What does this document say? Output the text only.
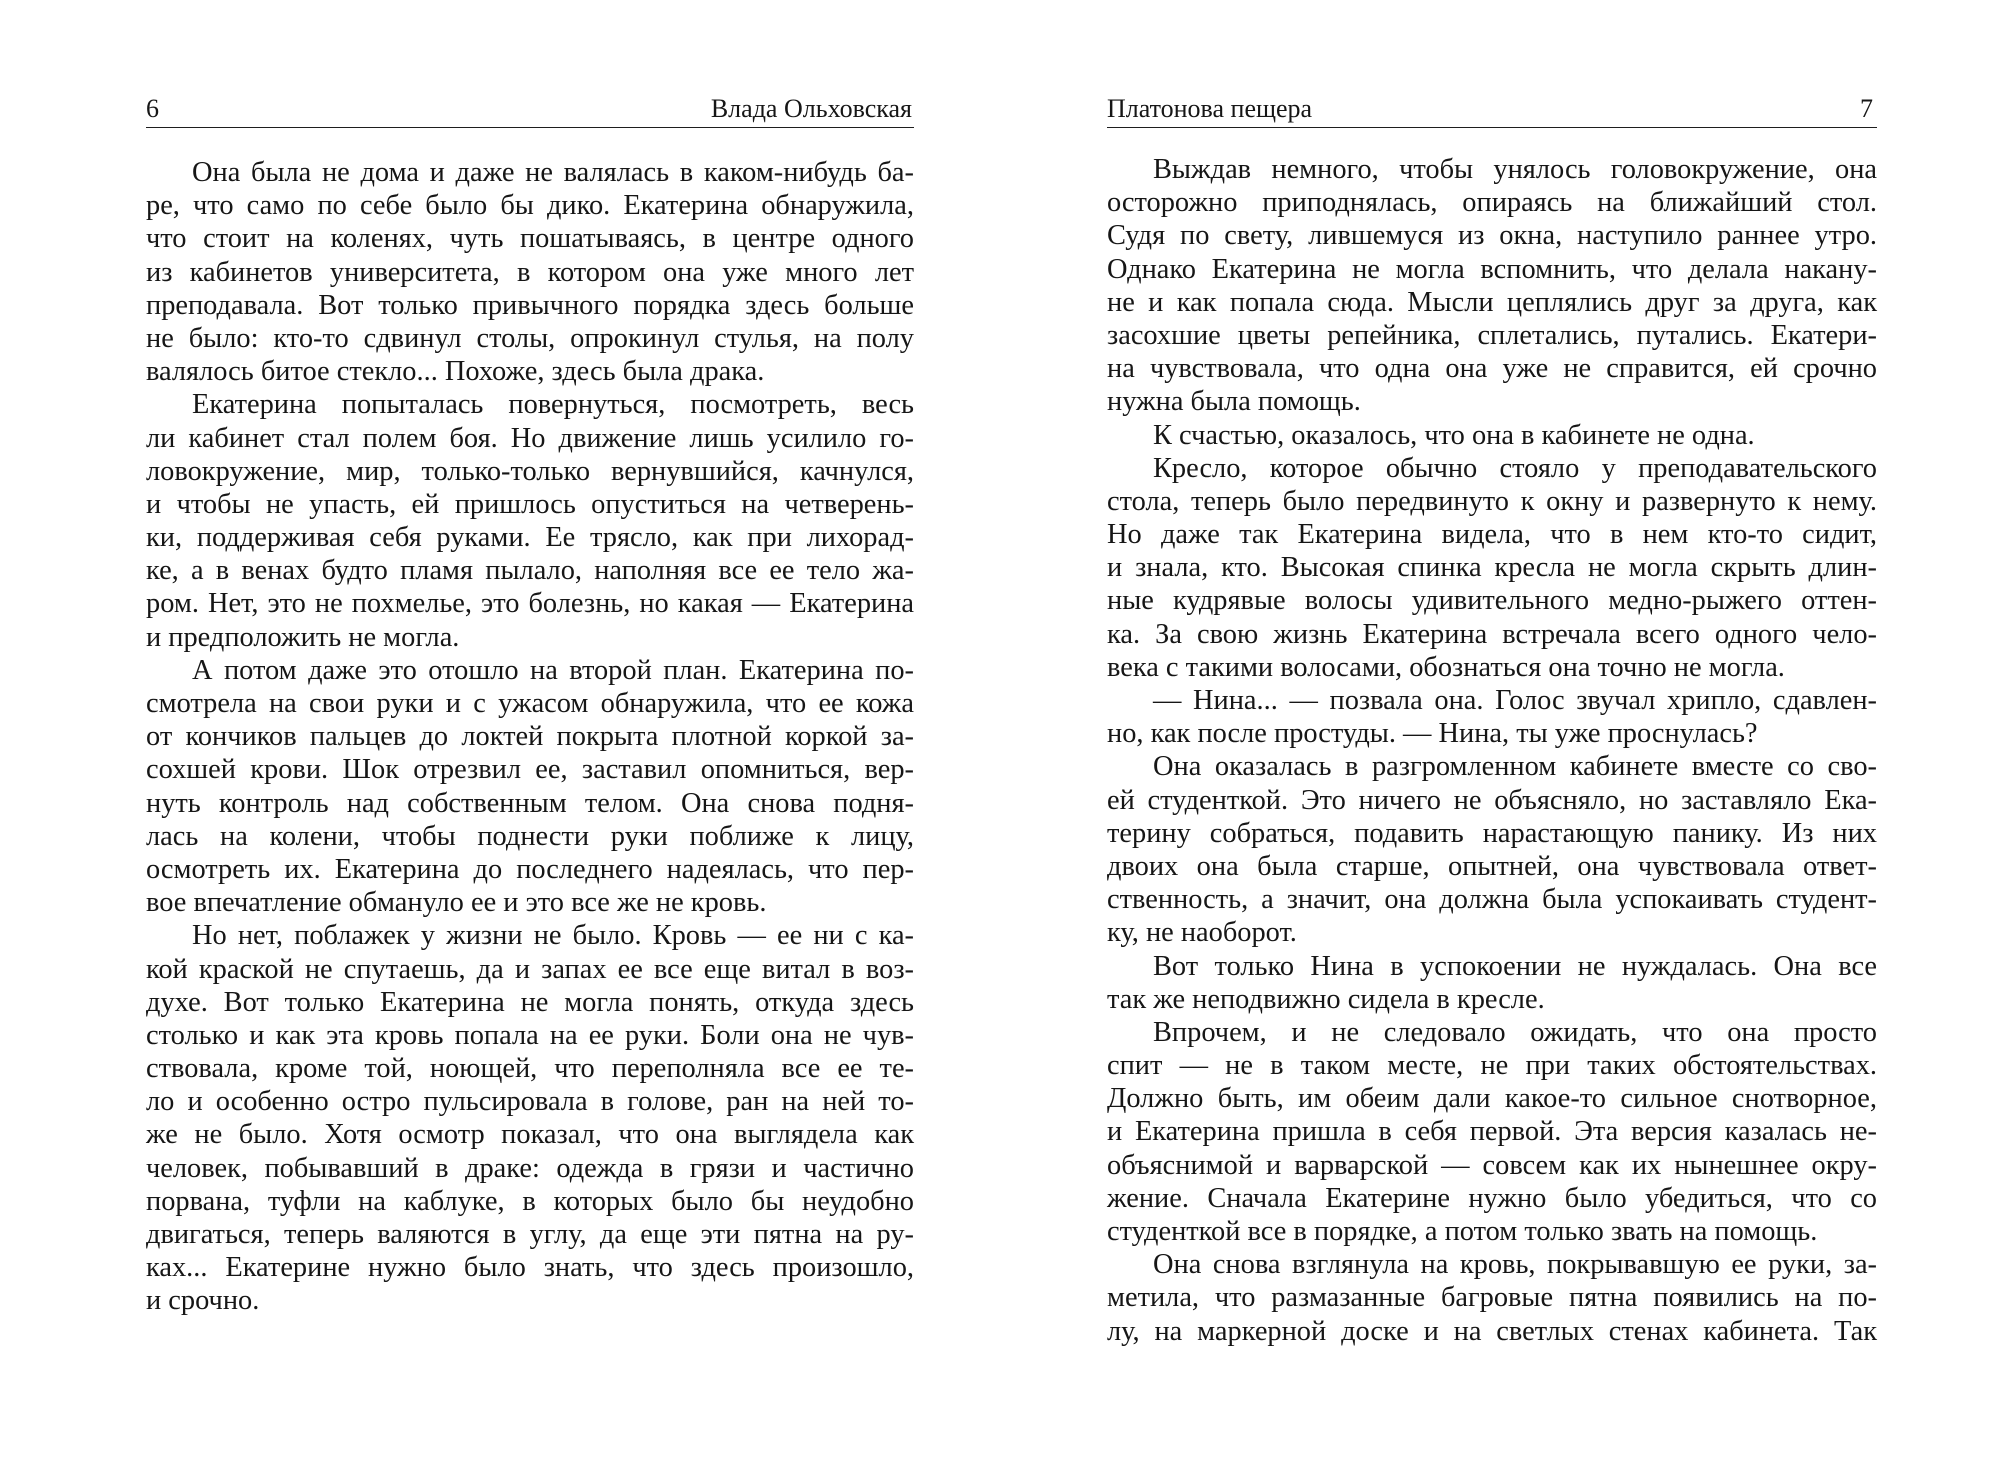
6	Влада Ольховская
Она была не дома и даже не валялась в каком-нибудь ба-
ре, что само по себе было бы дико. Екатерина обнаружила,
что стоит на коленях, чуть пошатываясь, в центре одного
из кабинетов университета, в котором она уже много лет
преподавала. Вот только привычного порядка здесь больше
не было: кто-то сдвинул столы, опрокинул стулья, на полу
валялось битое стекло... Похоже, здесь была драка.
Екатерина попыталась повернуться, посмотреть, весь
ли кабинет стал полем боя. Но движение лишь усилило го-
ловокружение, мир, только-только вернувшийся, качнулся,
и чтобы не упасть, ей пришлось опуститься на четверень-
ки, поддерживая себя руками. Ее трясло, как при лихорад-
ке, а в венах будто пламя пылало, наполняя все ее тело жа-
ром. Нет, это не похмелье, это болезнь, но какая — Екатерина
и предположить не могла.
А потом даже это отошло на второй план. Екатерина по-
смотрела на свои руки и с ужасом обнаружила, что ее кожа
от кончиков пальцев до локтей покрыта плотной коркой за-
сохшей крови. Шок отрезвил ее, заставил опомниться, вер-
нуть контроль над собственным телом. Она снова подня-
лась на колени, чтобы поднести руки поближе к лицу,
осмотреть их. Екатерина до последнего надеялась, что пер-
вое впечатление обмануло ее и это все же не кровь.
Но нет, поблажек у жизни не было. Кровь — ее ни с ка-
кой краской не спутаешь, да и запах ее все еще витал в воз-
духе. Вот только Екатерина не могла понять, откуда здесь
столько и как эта кровь попала на ее руки. Боли она не чув-
ствовала, кроме той, ноющей, что переполняла все ее те-
ло и особенно остро пульсировала в голове, ран на ней то-
же не было. Хотя осмотр показал, что она выглядела как
человек, побывавший в драке: одежда в грязи и частично
порвана, туфли на каблуке, в которых было бы неудобно
двигаться, теперь валяются в углу, да еще эти пятна на ру-
ках... Екатерине нужно было знать, что здесь произошло,
и срочно.
Платонова пещера	7
Выждав немного, чтобы унялось головокружение, она
осторожно приподнялась, опираясь на ближайший стол.
Судя по свету, лившемуся из окна, наступило раннее утро.
Однако Екатерина не могла вспомнить, что делала накану-
не и как попала сюда. Мысли цеплялись друг за друга, как
засохшие цветы репейника, сплетались, путались. Екатери-
на чувствовала, что одна она уже не справится, ей срочно
нужна была помощь.
К счастью, оказалось, что она в кабинете не одна.
Кресло, которое обычно стояло у преподавательского
стола, теперь было передвинуто к окну и развернуто к нему.
Но даже так Екатерина видела, что в нем кто-то сидит,
и знала, кто. Высокая спинка кресла не могла скрыть длин-
ные кудрявые волосы удивительного медно-рыжего оттен-
ка. За свою жизнь Екатерина встречала всего одного чело-
века с такими волосами, обознаться она точно не могла.
— Нина... — позвала она. Голос звучал хрипло, сдавлен-
но, как после простуды. — Нина, ты уже проснулась?
Она оказалась в разгромленном кабинете вместе со сво-
ей студенткой. Это ничего не объясняло, но заставляло Ека-
терину собраться, подавить нарастающую панику. Из них
двоих она была старше, опытней, она чувствовала ответ-
ственность, а значит, она должна была успокаивать студент-
ку, не наоборот.
Вот только Нина в успокоении не нуждалась. Она все
так же неподвижно сидела в кресле.
Впрочем, и не следовало ожидать, что она просто
спит — не в таком месте, не при таких обстоятельствах.
Должно быть, им обеим дали какое-то сильное снотворное,
и Екатерина пришла в себя первой. Эта версия казалась не-
объяснимой и варварской — совсем как их нынешнее окру-
жение. Сначала Екатерине нужно было убедиться, что со
студенткой все в порядке, а потом только звать на помощь.
Она снова взглянула на кровь, покрывавшую ее руки, за-
метила, что размазанные багровые пятна появились на по-
лу, на маркерной доске и на светлых стенах кабинета. Так
